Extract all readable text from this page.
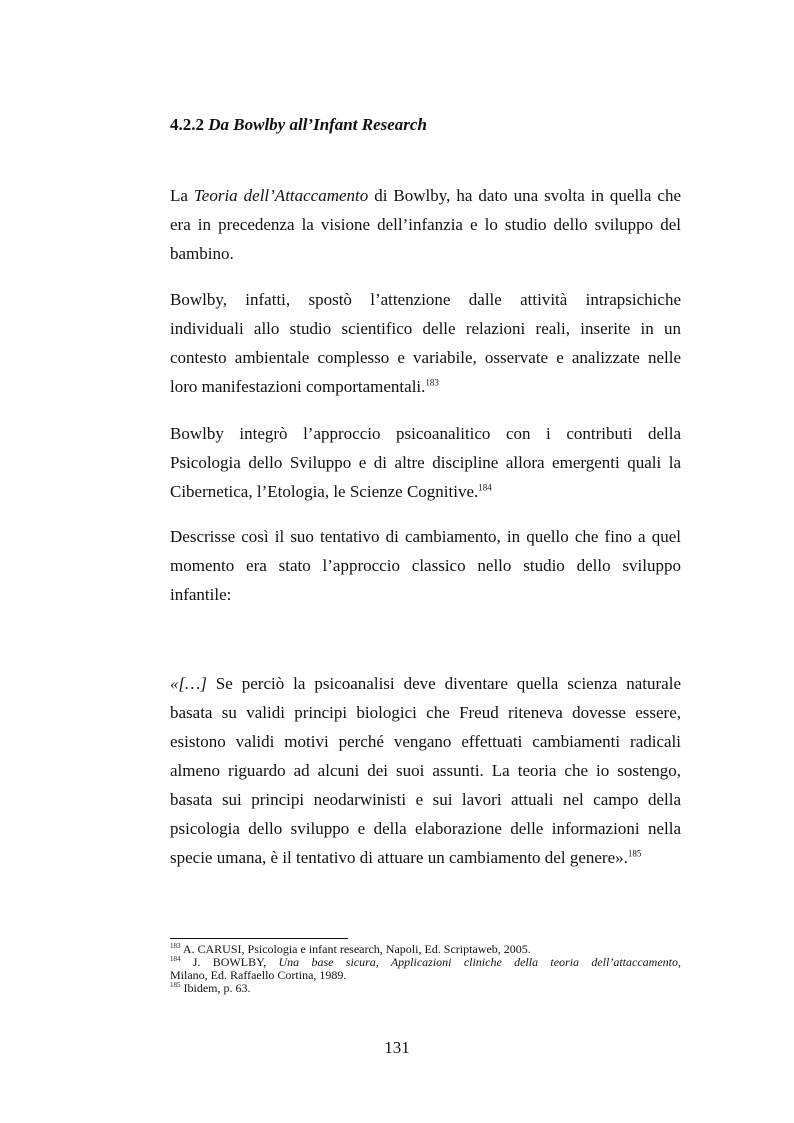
4.2.2 Da Bowlby all’Infant Research
La Teoria dell’Attaccamento di Bowlby, ha dato una svolta in quella che
era in precedenza la visione dell’infanzia e lo studio dello sviluppo del
bambino.
Bowlby, infatti, spostò l’attenzione dalle attività intrapsichiche
individuali allo studio scientifico delle relazioni reali, inserite in un
contesto ambientale complesso e variabile, osservate e analizzate nelle
loro manifestazioni comportamentali.$^{183}$
Bowlby integrò l’approccio psicoanalitico con i contributi della
Psicologia dello Sviluppo e di altre discipline allora emergenti quali la
Cibernetica, l’Etologia, le Scienze Cognitive.$^{184}$
Descrisse così il suo tentativo di cambiamento, in quello che fino a quel
momento era stato l’approccio classico nello studio dello sviluppo
infantile:
«[…] Se perciò la psicoanalisi deve diventare quella scienza naturale
basata su validi principi biologici che Freud riteneva dovesse essere,
esistono validi motivi perché vengano effettuati cambiamenti radicali
almeno riguardo ad alcuni dei suoi assunti. La teoria che io sostengo,
basata sui principi neodarwinisti e sui lavori attuali nel campo della
psicologia dello sviluppo e della elaborazione delle informazioni nella
specie umana, è il tentativo di attuare un cambiamento del genere».$^{185}$
$^{183}$ A. CARUSI, Psicologia e infant research, Napoli, Ed. Scriptaweb, 2005.
$^{184}$ J. BOWLBY, Una base sicura, Applicazioni cliniche della teoria dell’attaccamento,
Milano, Ed. Raffaello Cortina, 1989.
$^{185}$ Ibidem, p. 63.
131
